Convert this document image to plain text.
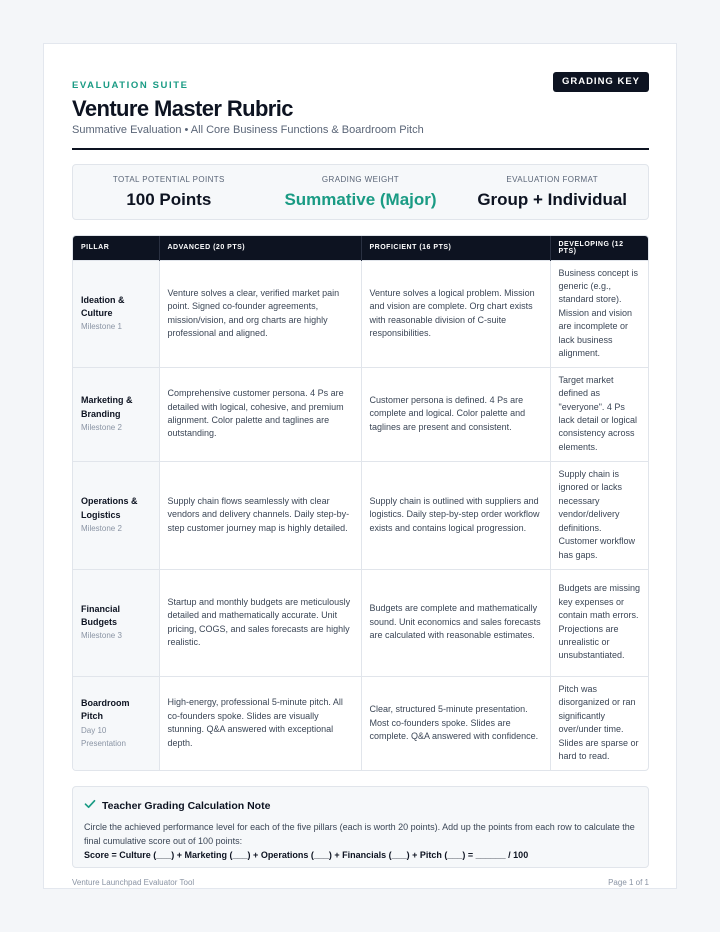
EVALUATION SUITE	GRADING KEY
Venture Master Rubric
Summative Evaluation • All Core Business Functions & Boardroom Pitch
TOTAL POTENTIAL POINTS
100 Points
GRADING WEIGHT
Summative (Major)
EVALUATION FORMAT
Group + Individual
PILLAR	ADVANCED (20 PTS)	PROFICIENT (16 PTS)	DEVELOPING (12 PTS)

Ideation & Culture
Milestone 1	Venture solves a clear, verified market pain point. Signed co-founder agreements, mission/vision, and org charts are highly professional and aligned.	Venture solves a logical problem. Mission and vision are complete. Org chart exists with reasonable division of C-suite responsibilities.	Business concept is generic (e.g., standard store). Mission and vision are incomplete or lack business alignment.

Marketing & Branding
Milestone 2	Comprehensive customer persona. 4 Ps are detailed with logical, cohesive, and premium alignment. Color palette and taglines are outstanding.	Customer persona is defined. 4 Ps are complete and logical. Color palette and taglines are present and consistent.	Target market defined as "everyone". 4 Ps lack detail or logical consistency across elements.

Operations & Logistics
Milestone 2	Supply chain flows seamlessly with clear vendors and delivery channels. Daily step-by-step customer journey map is highly detailed.	Supply chain is outlined with suppliers and logistics. Daily step-by-step order workflow exists and contains logical progression.	Supply chain is ignored or lacks necessary vendor/delivery definitions. Customer workflow has gaps.

Financial Budgets
Milestone 3	Startup and monthly budgets are meticulously detailed and mathematically accurate. Unit pricing, COGS, and sales forecasts are highly realistic.	Budgets are complete and mathematically sound. Unit economics and sales forecasts are calculated with reasonable estimates.	Budgets are missing key expenses or contain math errors. Projections are unrealistic or unsubstantiated.

Boardroom Pitch
Day 10 Presentation	High-energy, professional 5-minute pitch. All co-founders spoke. Slides are visually stunning. Q&A answered with exceptional depth.	Clear, structured 5-minute presentation. Most co-founders spoke. Slides are complete. Q&A answered with confidence.	Pitch was disorganized or ran significantly over/under time. Slides are sparse or hard to read.
Teacher Grading Calculation Note
Circle the achieved performance level for each of the five pillars (each is worth 20 points). Add up the points from each row to calculate the final cumulative score out of 100 points:
Score = Culture (___) + Marketing (___) + Operations (___) + Financials (___) + Pitch (___) = ______ / 100
Venture Launchpad Evaluator Tool	Page 1 of 1
